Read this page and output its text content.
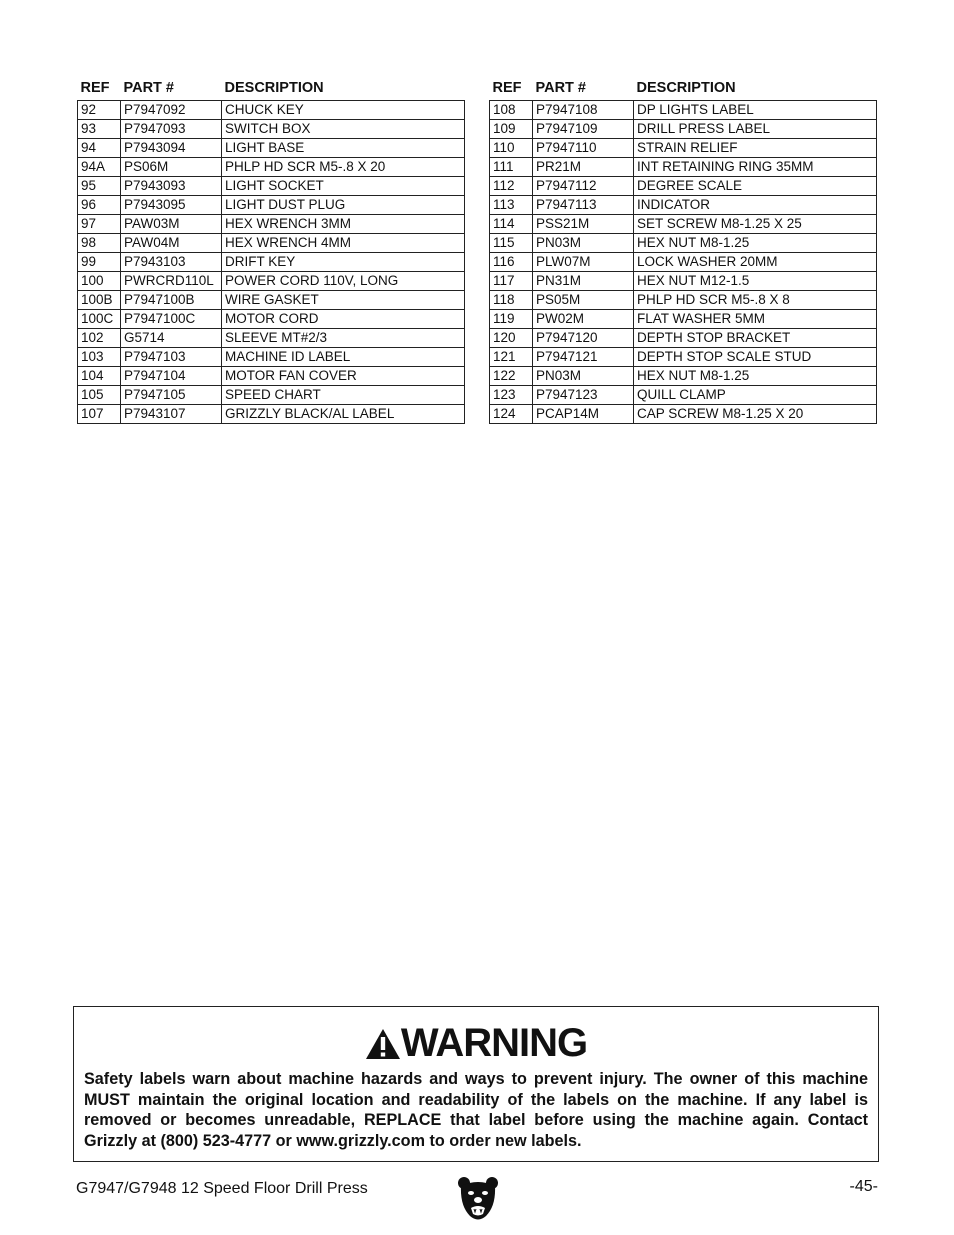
REF	PART #	DESCRIPTION
92	P7947092	CHUCK KEY
93	P7947093	SWITCH BOX
94	P7943094	LIGHT BASE
94A	PS06M	PHLP HD SCR M5-.8 X 20
95	P7943093	LIGHT SOCKET
96	P7943095	LIGHT DUST PLUG
97	PAW03M	HEX WRENCH 3MM
98	PAW04M	HEX WRENCH 4MM
99	P7943103	DRIFT KEY
100	PWRCRD110L	POWER CORD 110V, LONG
100B	P7947100B	WIRE GASKET
100C	P7947100C	MOTOR CORD
102	G5714	SLEEVE MT#2/3
103	P7947103	MACHINE ID LABEL
104	P7947104	MOTOR FAN COVER
105	P7947105	SPEED CHART
107	P7943107	GRIZZLY BLACK/AL LABEL
REF	PART #	DESCRIPTION
108	P7947108	DP LIGHTS LABEL
109	P7947109	DRILL PRESS LABEL
110	P7947110	STRAIN RELIEF
111	PR21M	INT RETAINING RING 35MM
112	P7947112	DEGREE SCALE
113	P7947113	INDICATOR
114	PSS21M	SET SCREW M8-1.25 X 25
115	PN03M	HEX NUT M8-1.25
116	PLW07M	LOCK WASHER 20MM
117	PN31M	HEX NUT M12-1.5
118	PS05M	PHLP HD SCR M5-.8 X 8
119	PW02M	FLAT WASHER 5MM
120	P7947120	DEPTH STOP BRACKET
121	P7947121	DEPTH STOP SCALE STUD
122	PN03M	HEX NUT M8-1.25
123	P7947123	QUILL CLAMP
124	PCAP14M	CAP SCREW M8-1.25 X 20
WARNING
Safety labels warn about machine hazards and ways to prevent injury. The owner of this machine MUST maintain the original location and readability of the labels on the machine. If any label is removed or becomes unreadable, REPLACE that label before using the machine again. Contact Grizzly at (800) 523-4777 or www.grizzly.com to order new labels.
G7947/G7948 12 Speed Floor Drill Press	-45-
